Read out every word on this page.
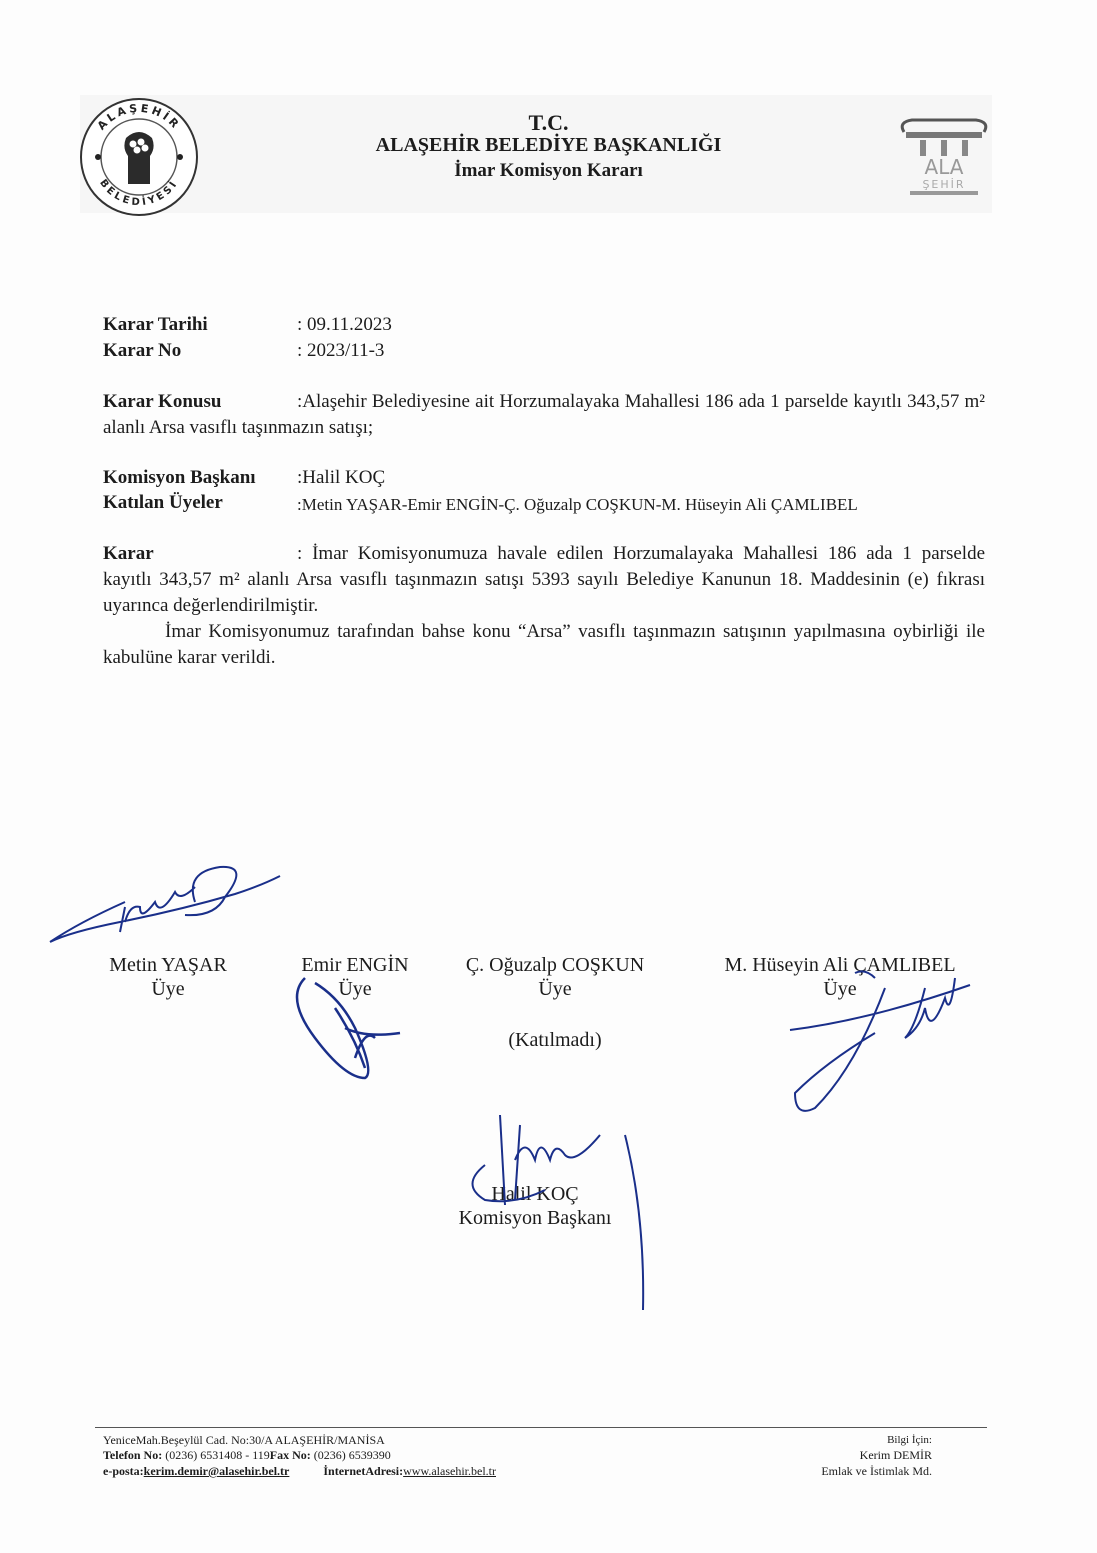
ALAŞEHİR
BELEDİYESİ
ALA
ŞEHİR
T.C.
ALAŞEHİR BELEDİYE BAŞKANLIĞI
İmar Komisyon Kararı
Karar Tarihi	: 09.11.2023
Karar No	: 2023/11-3
Karar Konusu	:Alaşehir Belediyesine ait Horzumalayaka Mahallesi 186 ada 1 parselde kayıtlı 343,57 m² alanlı Arsa vasıflı taşınmazın satışı;
Komisyon Başkanı :Halil KOÇ
Katılan Üyeler	:Metin YAŞAR-Emir ENGİN-Ç. Oğuzalp COŞKUN-M. Hüseyin Ali ÇAMLIBEL
Karar	: İmar Komisyonumuza havale edilen Horzumalayaka Mahallesi 186 ada 1 parselde kayıtlı 343,57 m² alanlı Arsa vasıflı taşınmazın satışı 5393 sayılı Belediye Kanunun 18. Maddesinin (e) fıkrası uyarınca değerlendirilmiştir.
İmar Komisyonumuz tarafından bahse konu “Arsa” vasıflı taşınmazın satışının yapılmasına oybirliği ile kabulüne karar verildi.
Metin YAŞAR
Üye
Emir ENGİN
Üye
Ç. Oğuzalp COŞKUN
Üye
(Katılmadı)
M. Hüseyin Ali ÇAMLIBEL
Üye
Halil KOÇ
Komisyon Başkanı
YeniceMah.Beşeylül Cad. No:30/A ALAŞEHİR/MANİSA
Telefon No: (0236) 6531408 - 119Fax No: (0236) 6539390
e-posta:kerim.demir@alasehir.bel.tr	İnternetAdresi:www.alasehir.bel.tr
Bilgi İçin:
Kerim DEMİR
Emlak ve İstimlak Md.
